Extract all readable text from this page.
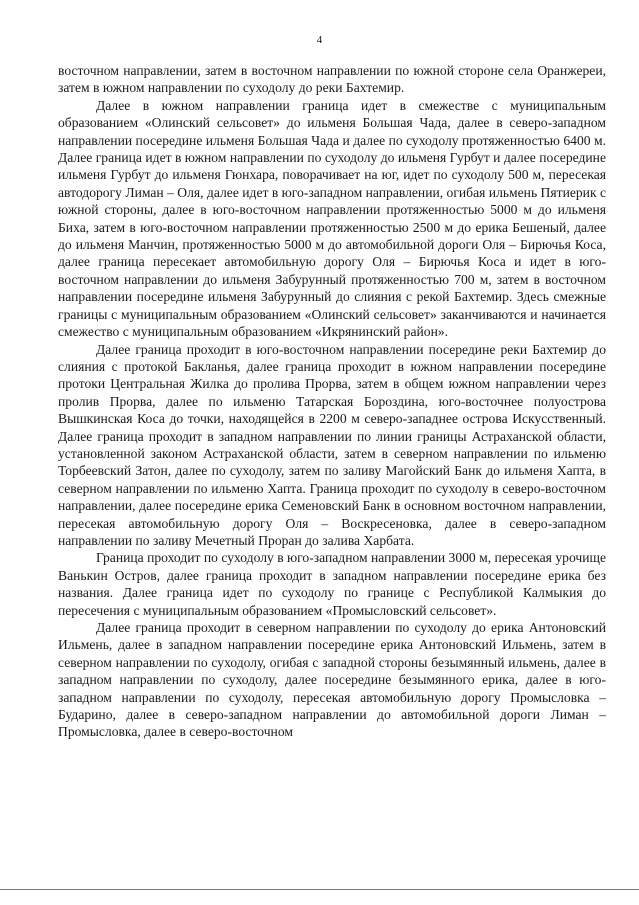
4

восточном направлении, затем в восточном направлении по южной стороне села Оранжереи, затем в южном направлении по суходолу до реки Бахтемир.

Далее в южном направлении граница идет в смежестве с муниципальным образованием «Олинский сельсовет» до ильменя Большая Чада, далее в северо-западном направлении посередине ильменя Большая Чада и далее по суходолу протяженностью 6400 м. Далее граница идет в южном направлении по суходолу до ильменя Гурбут и далее посередине ильменя Гурбут до ильменя Гюнхара, поворачивает на юг, идет по суходолу 500 м, пересекая автодорогу Лиман – Оля, далее идет в юго-западном направлении, огибая ильмень Пятиерик с южной стороны, далее в юго-восточном направлении протяженностью 5000 м до ильменя Биха, затем в юго-восточном направлении протяженностью 2500 м до ерика Бешеный, далее до ильменя Манчин, протяженностью 5000 м до автомобильной дороги Оля – Бирючья Коса, далее граница пересекает автомобильную дорогу Оля – Бирючья Коса и идет в юго-восточном направлении до ильменя Забурунный протяженностью 700 м, затем в восточном направлении посередине ильменя Забурунный до слияния с рекой Бахтемир. Здесь смежные границы с муниципальным образованием «Олинский сельсовет» заканчиваются и начинается смежество с муниципальным образованием «Икрянинский район».

Далее граница проходит в юго-восточном направлении посередине реки Бахтемир до слияния с протокой Бакланья, далее граница проходит в южном направлении посередине протоки Центральная Жилка до пролива Прорва, затем в общем южном направлении через пролив Прорва, далее по ильменю Татарская Бороздина, юго-восточнее полуострова Вышкинская Коса до точки, находящейся в 2200 м северо-западнее острова Искусственный. Далее граница проходит в западном направлении по линии границы Астраханской области, установленной законом Астраханской области, затем в северном направлении по ильменю Торбеевский Затон, далее по суходолу, затем по заливу Магойский Банк до ильменя Хапта, в северном направлении по ильменю Хапта. Граница проходит по суходолу в северо-восточном направлении, далее посередине ерика Семеновский Банк в основном восточном направлении, пересекая автомобильную дорогу Оля – Воскресеновка, далее в северо-западном направлении по заливу Мечетный Проран до залива Харбата.

Граница проходит по суходолу в юго-западном направлении 3000 м, пересекая урочище Ванькин Остров, далее граница проходит в западном направлении посередине ерика без названия. Далее граница идет по суходолу по границе с Республикой Калмыкия до пересечения с муниципальным образованием «Промысловский сельсовет».

Далее граница проходит в северном направлении по суходолу до ерика Антоновский Ильмень, далее в западном направлении посередине ерика Антоновский Ильмень, затем в северном направлении по суходолу, огибая с западной стороны безымянный ильмень, далее в западном направлении по суходолу, далее посередине безымянного ерика, далее в юго-западном направлении по суходолу, пересекая автомобильную дорогу Промысловка – Бударино, далее в северо-западном направлении до автомобильной дороги Лиман – Промысловка, далее в северо-восточном
